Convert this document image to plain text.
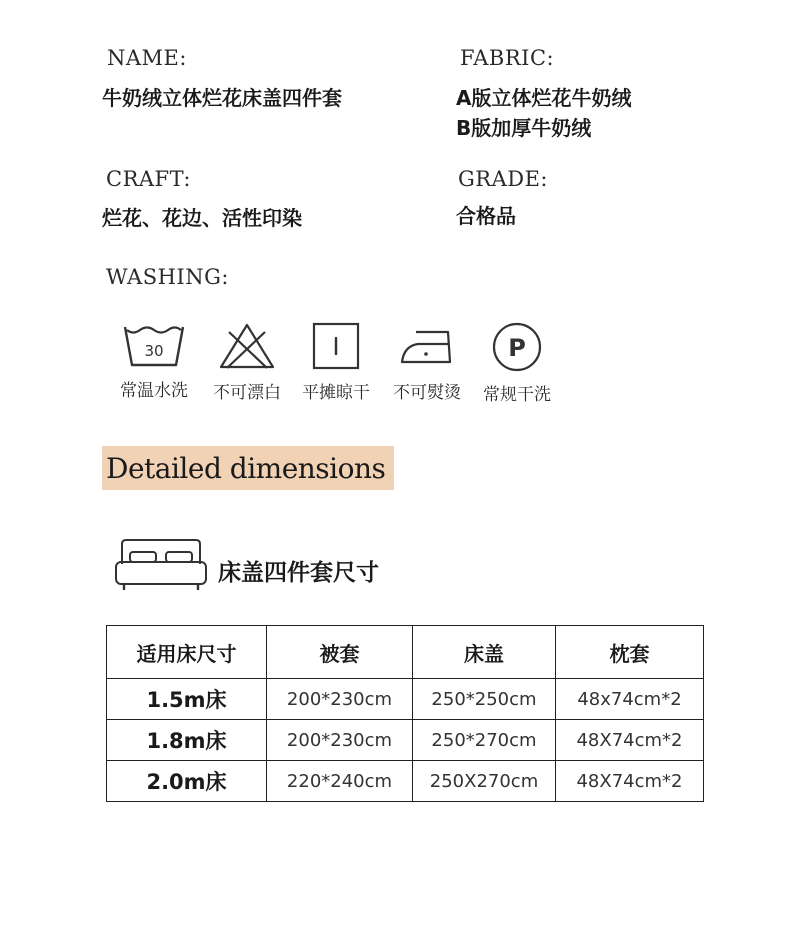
NAME:
牛奶绒立体烂花床盖四件套
FABRIC:
A版立体烂花牛奶绒
B版加厚牛奶绒
CRAFT:
烂花、花边、活性印染
GRADE:
合格品
WASHING:
30
常温水洗	不可漂白	平摊晾干	不可熨烫
P
常规干洗
Detailed dimensions
床盖四件套尺寸
适用床尺寸	被套	床盖	枕套
1.5m床	200*230cm	250*250cm	48x74cm*2
1.8m床	200*230cm	250*270cm	48X74cm*2
2.0m床	220*240cm	250X270cm	48X74cm*2
